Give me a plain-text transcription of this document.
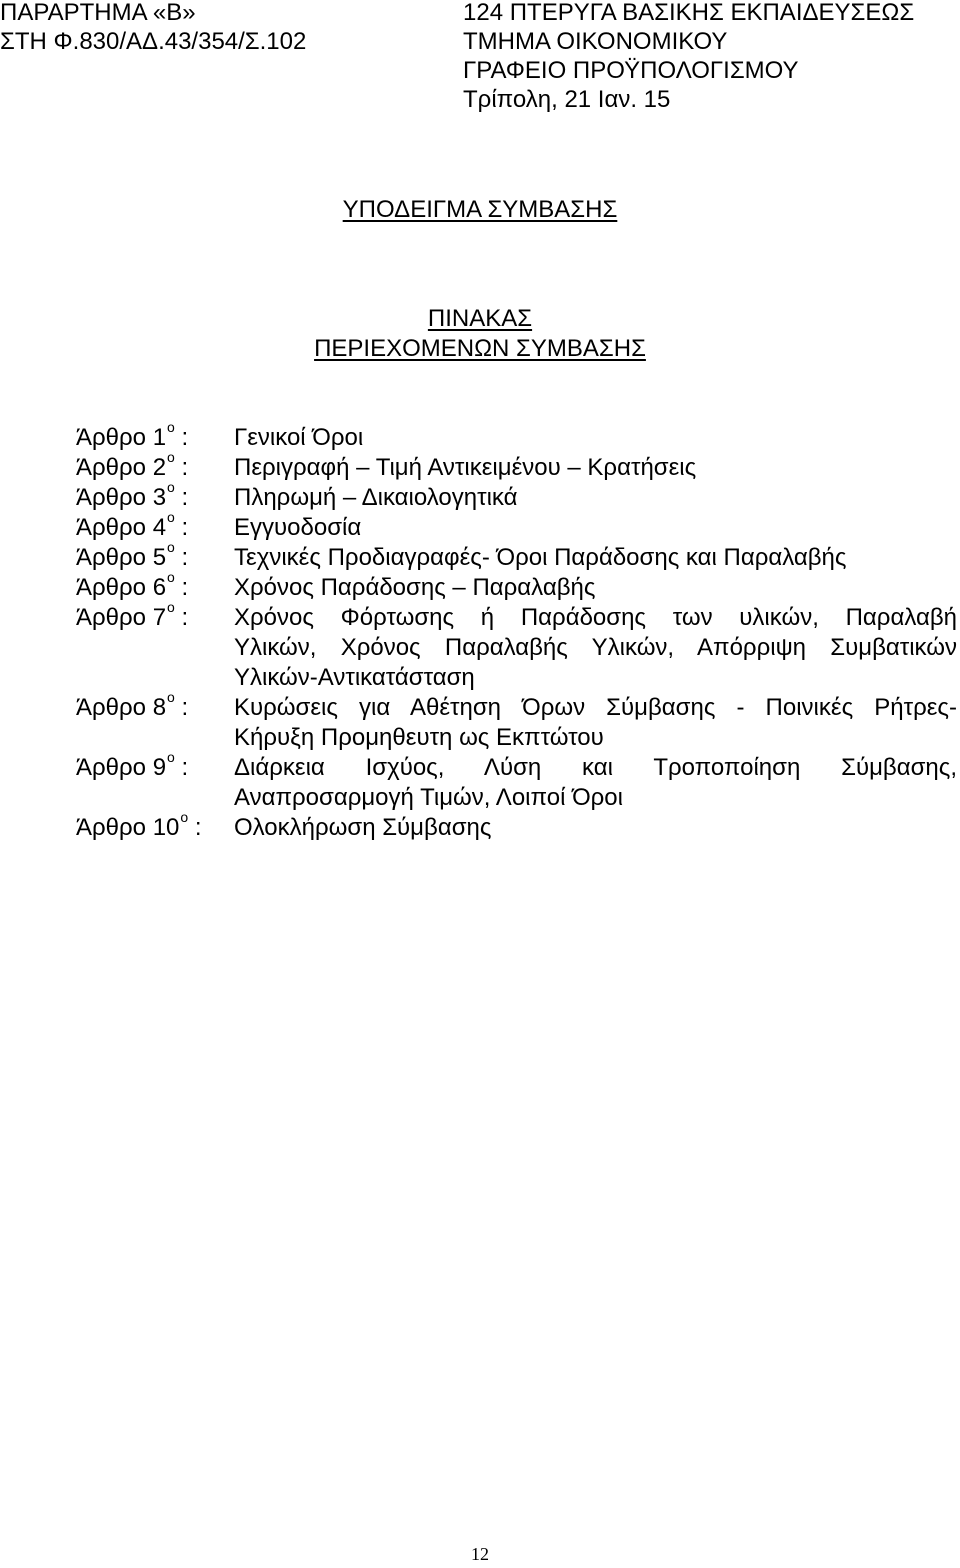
ΠΑΡΑΡΤΗΜΑ «Β»
ΣΤΗ Φ.830/ΑΔ.43/354/Σ.102
124 ΠΤΕΡΥΓΑ ΒΑΣΙΚΗΣ ΕΚΠΑΙΔΕΥΣΕΩΣ
ΤΜΗΜΑ ΟΙΚΟΝΟΜΙΚΟΥ
ΓΡΑΦΕΙΟ ΠΡΟΫΠΟΛΟΓΙΣΜΟΥ
Τρίπολη, 21 Ιαν. 15
ΥΠΟΔΕΙΓΜΑ ΣΥΜΒΑΣΗΣ
ΠΙΝΑΚΑΣ
ΠΕΡΙΕΧΟΜΕΝΩΝ ΣΥΜΒΑΣΗΣ
Άρθρο $1^o$ : Γενικοί Όροι
Άρθρο $2^o$ : Περιγραφή – Τιμή Αντικειμένου – Κρατήσεις
Άρθρο $3^o$ : Πληρωμή – Δικαιολογητικά
Άρθρο $4^o$ : Εγγυοδοσία
Άρθρο $5^o$ : Τεχνικές Προδιαγραφές- Όροι Παράδοσης και Παραλαβής
Άρθρο $6^o$ : Χρόνος Παράδοσης – Παραλαβής
Άρθρο $7^o$ : Χρόνος Φόρτωσης ή Παράδοσης των υλικών, Παραλαβή
Υλικών, Χρόνος Παραλαβής Υλικών, Απόρριψη Συμβατικών
Υλικών-Αντικατάσταση
Άρθρο $8^o$ : Κυρώσεις για Αθέτηση Όρων Σύμβασης - Ποινικές Ρήτρες-
Κήρυξη Προμηθευτη ως Εκπτώτου
Άρθρο $9^o$ : Διάρκεια Ισχύος, Λύση και Τροποποίηση Σύμβασης,
Αναπροσαρμογή Τιμών, Λοιποί Όροι
Άρθρο $10^o$ : Ολοκλήρωση Σύμβασης
12
